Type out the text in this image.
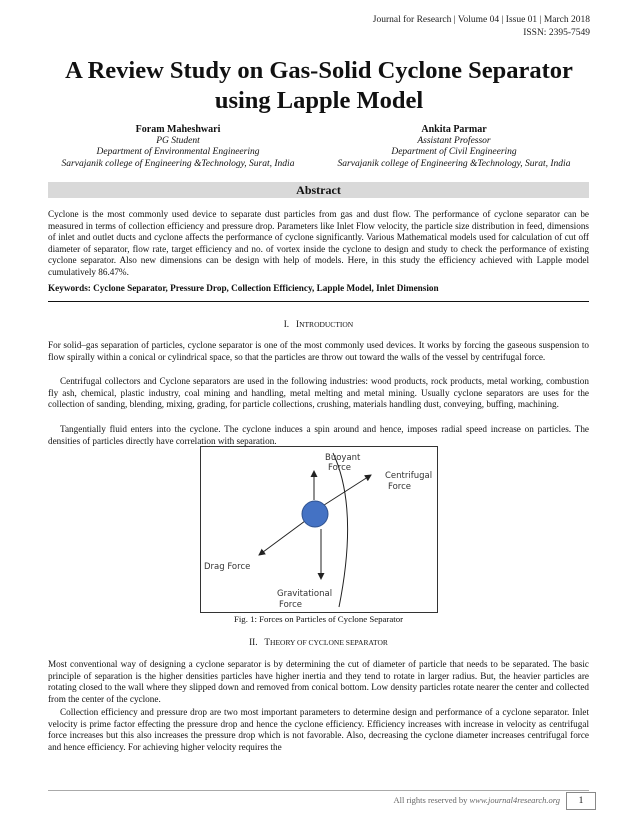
Journal for Research | Volume 04 | Issue 01 | March 2018
ISSN: 2395-7549
A Review Study on Gas-Solid Cyclone Separator
using Lapple Model
Foram Maheshwari
PG Student
Department of Environmental Engineering
Sarvajanik college of Engineering &Technology, Surat, India
Ankita Parmar
Assistant Professor
Department of Civil Engineering
Sarvajanik college of Engineering &Technology, Surat, India
Abstract
Cyclone is the most commonly used device to separate dust particles from gas and dust flow. The performance of cyclone separator can be measured in terms of collection efficiency and pressure drop. Parameters like Inlet Flow velocity, the particle size distribution in feed, dimensions of inlet and outlet ducts and cyclone affects the performance of cyclone significantly. Various Mathematical models used for calculation of cut off diameter of separator, flow rate, target efficiency and no. of vortex inside the cyclone to design and study to check the performance of existing cyclone separator. Also new dimensions can be design with help of models. Here, in this study the efficiency achieved with Lapple model cumulatively 86.47%.
Keywords: Cyclone Separator, Pressure Drop, Collection Efficiency, Lapple Model, Inlet Dimension
I. INTRODUCTION
For solid–gas separation of particles, cyclone separator is one of the most commonly used devices. It works by forcing the gaseous suspension to flow spirally within a conical or cylindrical space, so that the particles are throw out toward the walls of the vessel by centrifugal force.
Centrifugal collectors and Cyclone separators are used in the following industries: wood products, rock products, metal working, combustion fly ash, chemical, plastic industry, coal mining and handling, metal melting and metal mining. Usually cyclone separators are uses for the collection of sanding, blending, mixing, grading, for particle collections, crushing, materials handling dust, conveying, buffing, machining.
Tangentially fluid enters into the cyclone. The cyclone induces a spin around and hence, imposes radial speed increase on particles. The densities of particles directly have correlation with separation.
Buoyant
Force
Centrifugal
Force
Drag Force
Gravitational
Force
Fig. 1: Forces on Particles of Cyclone Separator
II. THEORY OF CYCLONE SEPARATOR
Most conventional way of designing a cyclone separator is by determining the cut of diameter of particle that needs to be separated. The basic principle of separation is the higher densities particles have higher inertia and they tend to rotate in larger radius. But, the heavier particles are rotating closed to the wall where they slipped down and removed from conical bottom. Low density particles rotate nearer the center and collected from the center of the cyclone.
Collection efficiency and pressure drop are two most important parameters to determine design and performance of a cyclone separator. Inlet velocity is prime factor effecting the pressure drop and hence the cyclone efficiency. Efficiency increases with increase in velocity as centrifugal force increases but this also increases the pressure drop which is not favorable. Also, decreasing the cyclone diameter increases centrifugal force and hence efficiency. For achieving higher velocity requires the
All rights reserved by www.journal4research.org	1
